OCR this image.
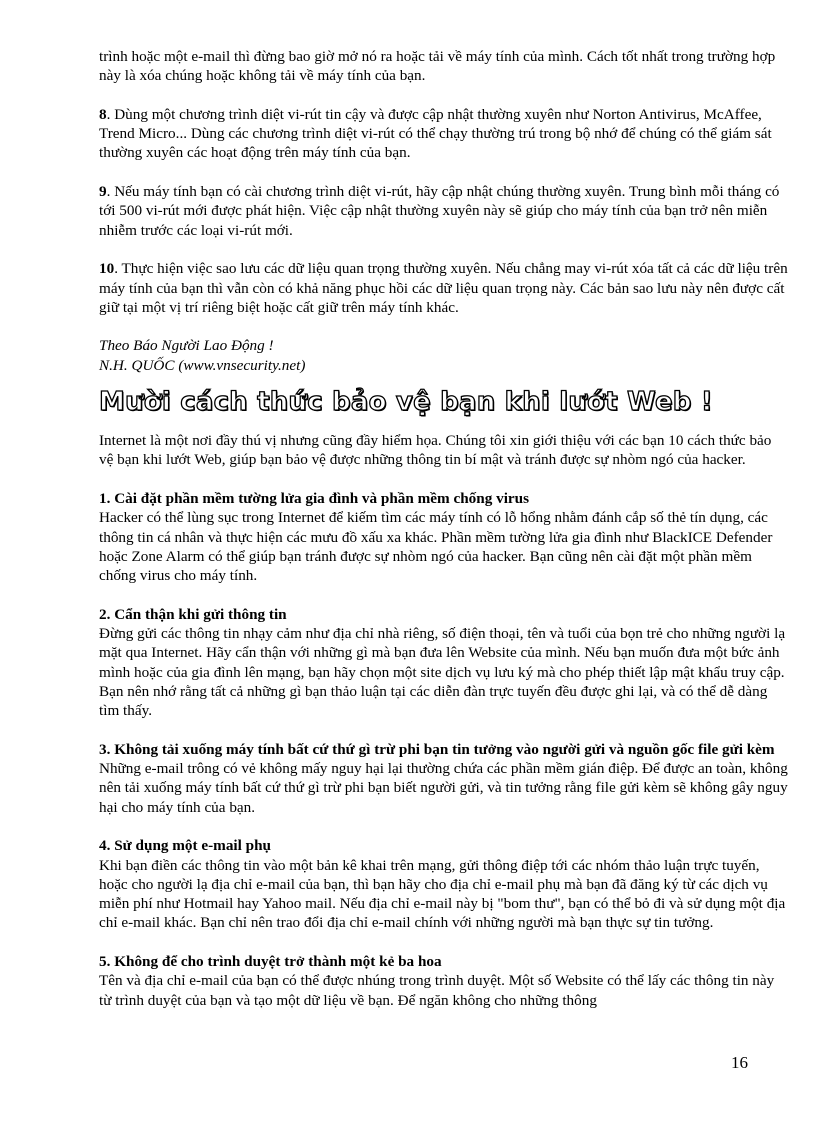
trình hoặc một e-mail thì đừng bao giờ mở nó ra hoặc tải về máy tính của mình. Cách tốt nhất trong trường hợp này là xóa chúng hoặc không tải về máy tính của bạn.

8. Dùng một chương trình diệt vi-rút tin cậy và được cập nhật thường xuyên như Norton Antivirus, McAffee, Trend Micro... Dùng các chương trình diệt vi-rút có thể chạy thường trú trong bộ nhớ để chúng có thể giám sát thường xuyên các hoạt động trên máy tính của bạn.

9. Nếu máy tính bạn có cài chương trình diệt vi-rút, hãy cập nhật chúng thường xuyên. Trung bình mỗi tháng có tới 500 vi-rút mới được phát hiện. Việc cập nhật thường xuyên này sẽ giúp cho máy tính của bạn trở nên miễn nhiễm trước các loại vi-rút mới.

10. Thực hiện việc sao lưu các dữ liệu quan trọng thường xuyên. Nếu chẳng may vi-rút xóa tất cả các dữ liệu trên máy tính của bạn thì vẫn còn có khả năng phục hồi các dữ liệu quan trọng này. Các bản sao lưu này nên được cất giữ tại một vị trí riêng biệt hoặc cất giữ trên máy tính khác.

Theo Báo Người Lao Động !

N.H. QUỐC (www.vnsecurity.net)

Mười cách thức bảo vệ bạn khi lướt Web !

Internet là một nơi đầy thú vị nhưng cũng đầy hiểm họa. Chúng tôi xin giới thiệu với các bạn 10 cách thức bảo vệ bạn khi lướt Web, giúp bạn bảo vệ được những thông tin bí mật và tránh được sự nhòm ngó của hacker.

1. Cài đặt phần mềm tường lửa gia đình và phần mềm chống virus

Hacker có thể lùng sục trong Internet để kiếm tìm các máy tính có lỗ hổng nhằm đánh cắp số thẻ tín dụng, các thông tin cá nhân và thực hiện các mưu đồ xấu xa khác. Phần mềm tường lửa gia đình như BlackICE Defender hoặc Zone Alarm có thể giúp bạn tránh được sự nhòm ngó của hacker. Bạn cũng nên cài đặt một phần mềm chống virus cho máy tính.

2. Cẩn thận khi gửi thông tin

Đừng gửi các thông tin nhạy cảm như địa chỉ nhà riêng, số điện thoại, tên và tuổi của bọn trẻ cho những người lạ mặt qua Internet. Hãy cẩn thận với những gì mà bạn đưa lên Website của mình. Nếu bạn muốn đưa một bức ảnh mình hoặc của gia đình lên mạng, bạn hãy chọn một site dịch vụ lưu ký mà cho phép thiết lập mật khẩu truy cập. Bạn nên nhớ rằng tất cả những gì bạn thảo luận tại các diễn đàn trực tuyến đều được ghi lại, và có thể dễ dàng tìm thấy.

3. Không tải xuống máy tính bất cứ thứ gì trừ phi bạn tin tưởng vào người gửi và nguồn gốc file gửi kèm

Những e-mail trông có vẻ không mấy nguy hại lại thường chứa các phần mềm gián điệp. Để được an toàn, không nên tải xuống máy tính bất cứ thứ gì trừ phi bạn biết người gửi, và tin tưởng rằng file gửi kèm sẽ không gây nguy hại cho máy tính của bạn.

4. Sử dụng một e-mail phụ

Khi bạn điền các thông tin vào một bản kê khai trên mạng, gửi thông điệp tới các nhóm thảo luận trực tuyến, hoặc cho người lạ địa chỉ e-mail của bạn, thì bạn hãy cho địa chỉ e-mail phụ mà bạn đã đăng ký từ các dịch vụ miễn phí như Hotmail hay Yahoo mail. Nếu địa chỉ e-mail này bị "bom thư", bạn có thể bỏ đi và sử dụng một địa chỉ e-mail khác. Bạn chỉ nên trao đổi địa chỉ e-mail chính với những người mà bạn thực sự tin tưởng.

5. Không để cho trình duyệt trở thành một kẻ ba hoa

Tên và địa chỉ e-mail của bạn có thể được nhúng trong trình duyệt. Một số Website có thể lấy các thông tin này từ trình duyệt của bạn và tạo một dữ liệu về bạn. Để ngăn không cho những thông

16
